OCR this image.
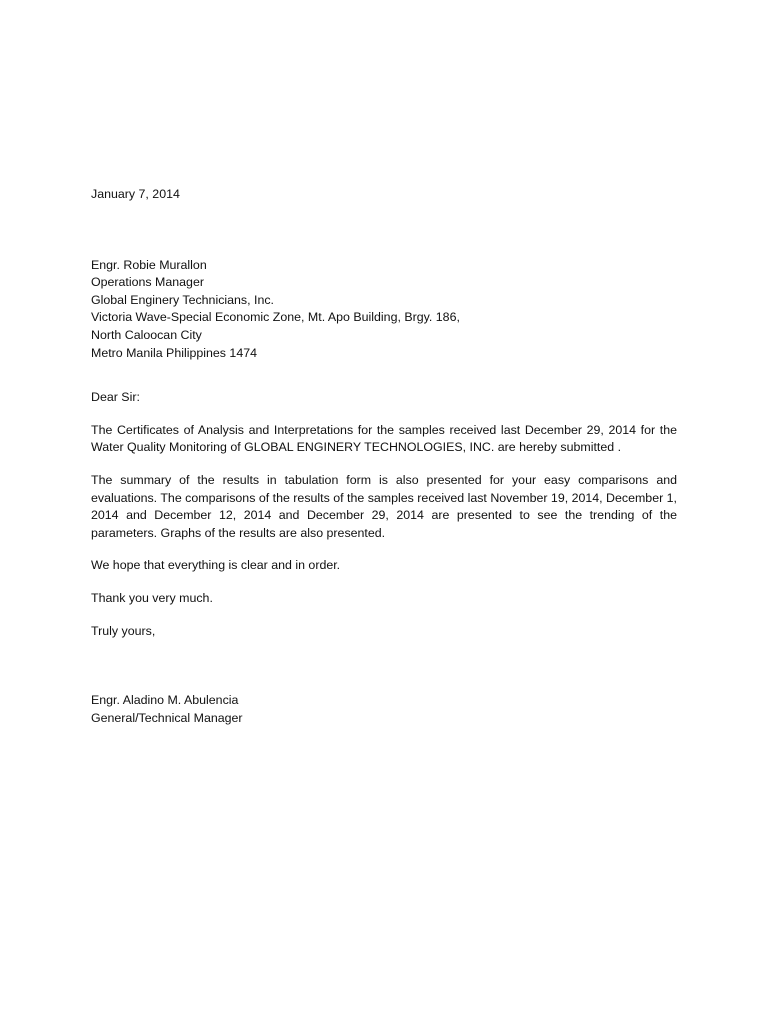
January 7, 2014
Engr. Robie Murallon
Operations Manager
Global Enginery Technicians, Inc.
Victoria Wave-Special Economic Zone, Mt. Apo Building, Brgy. 186,
North Caloocan City
Metro Manila Philippines 1474
Dear Sir:

The Certificates of Analysis and Interpretations for the samples received last December 29, 2014 for the Water Quality Monitoring of GLOBAL ENGINERY TECHNOLOGIES, INC. are hereby submitted .

The summary of the results in tabulation form is also presented for your easy comparisons and evaluations. The comparisons of the results of the samples received last November 19, 2014, December 1, 2014 and December 12, 2014 and December 29, 2014 are presented to see the trending of the parameters. Graphs of the results are also presented.

We hope that everything is clear and in order.

Thank you very much.
Truly yours,
Engr. Aladino M. Abulencia
General/Technical Manager
